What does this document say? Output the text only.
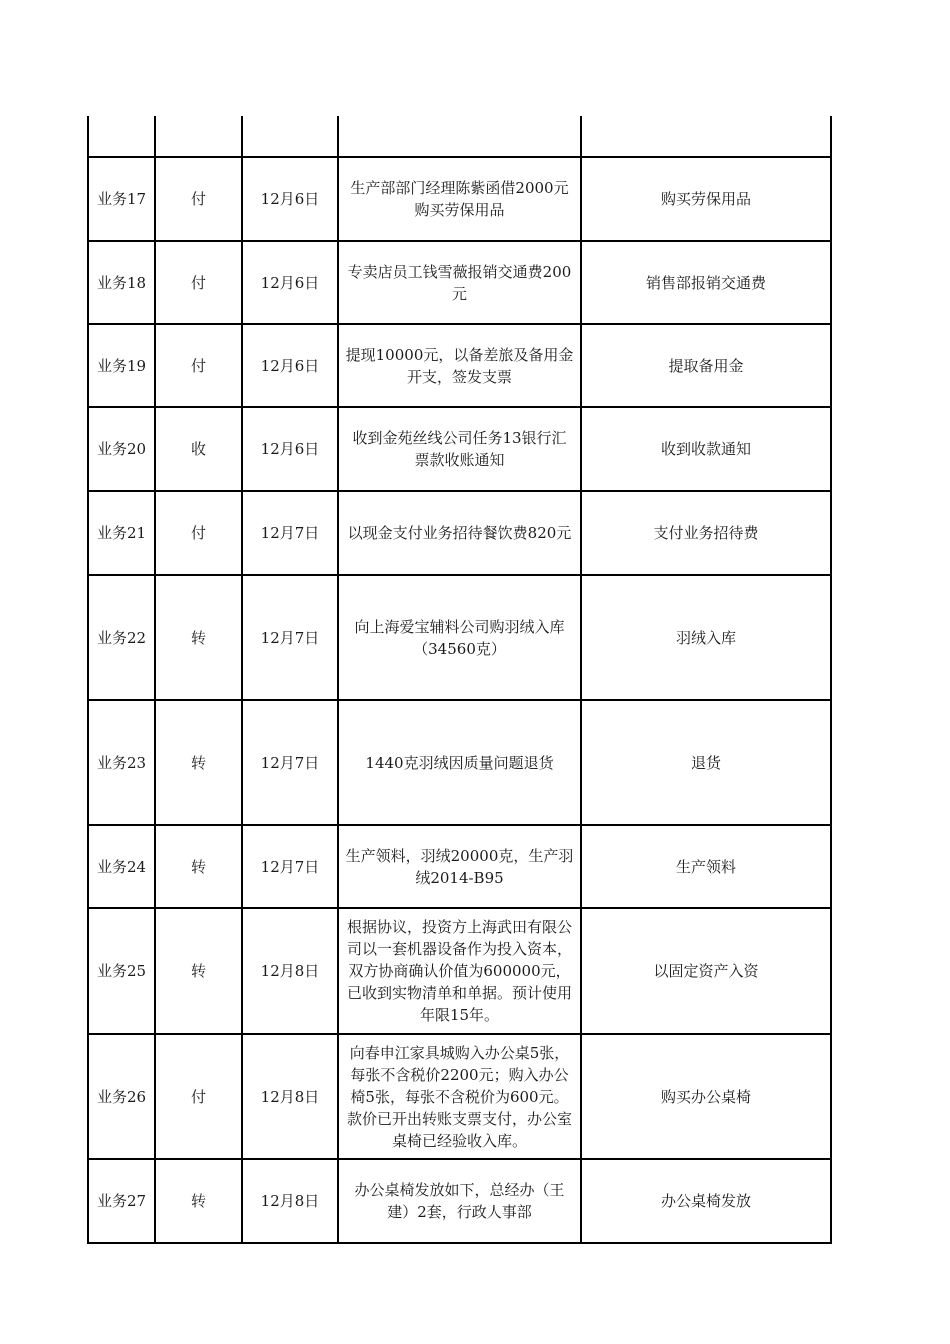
业务17	付	12月6日	生产部部门经理陈紫函借2000元购买劳保用品	购买劳保用品
业务18	付	12月6日	专卖店员工钱雪薇报销交通费200元	销售部报销交通费
业务19	付	12月6日	提现10000元，以备差旅及备用金开支，签发支票	提取备用金
业务20	收	12月6日	收到金苑丝线公司任务13银行汇票款收账通知	收到收款通知
业务21	付	12月7日	以现金支付业务招待餐饮费820元	支付业务招待费
业务22	转	12月7日	向上海爱宝辅料公司购羽绒入库 （34560克）	羽绒入库
业务23	转	12月7日	1440克羽绒因质量问题退货	退货
业务24	转	12月7日	生产领料，羽绒20000克，生产羽绒2014-B95	生产领料
业务25	转	12月8日	根据协议，投资方上海武田有限公司以一套机器设备作为投入资本，双方协商确认价值为600000元，已收到实物清单和单据。预计使用年限15年。	以固定资产入资
业务26	付	12月8日	向春申江家具城购入办公桌5张，每张不含税价2200元；购入办公椅5张，每张不含税价为600元。款价已开出转账支票支付，办公室桌椅已经验收入库。	购买办公桌椅
业务27	转	12月8日	办公桌椅发放如下，总经办（王建）2套，行政人事部	办公桌椅发放
